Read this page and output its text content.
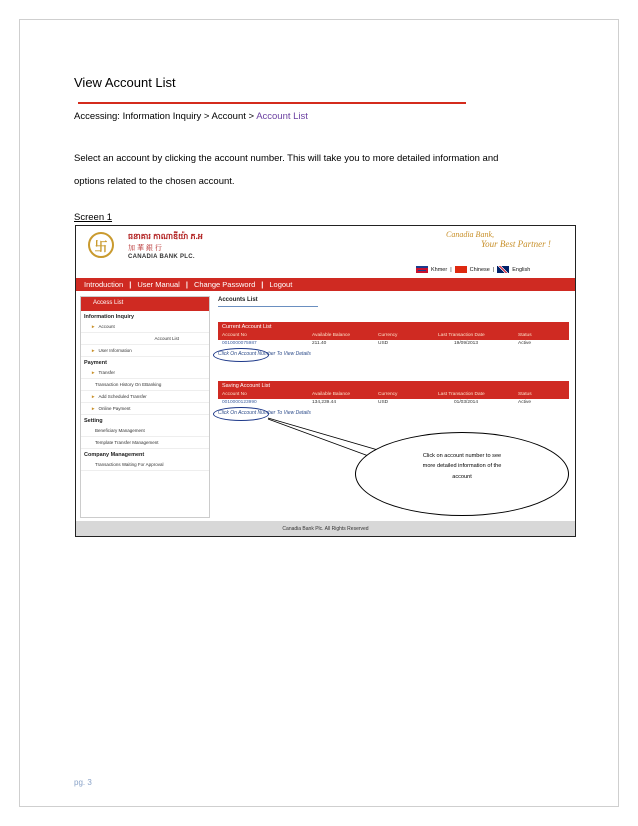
View Account List
Accessing: Information Inquiry > Account > Account List
Select an account by clicking the account number. This will take you to more detailed information and
options related to the chosen account.
Screen 1
卐
ធនាគារ កាណាឌីយ៉ា ភ.អ
加 華 銀 行
CANADIA BANK PLC.
Canadia Bank,
Your Best Partner !
Khmer |	Chinese |	English
Introduction | User Manual | Change Password | Logout
Access List
Information Inquiry
► Account
Account List
► User Information
Payment
► Transfer
Transaction History On EBanking
► Add Scheduled Transfer
► Online Payment
Setting
Beneficiary Management
Template Transfer Management
Company Management
Transactions Waiting For Approval
Accounts List
Current Account List
Account No	Available Balance	Currency	Last Transaction Date	Status
0010000075987	211.40	USD	19/09/2013	Active
Click On Account Number To View Details
Saving Account List
Account No	Available Balance	Currency	Last Transaction Date	Status
0010000123990	134,239.44	USD	01/03/2014	Active
Click On Account Number To View Details
Canadia Bank Plc. All Rights Reserved
Click on account number to see
more detailed information of the
account
pg. 3
